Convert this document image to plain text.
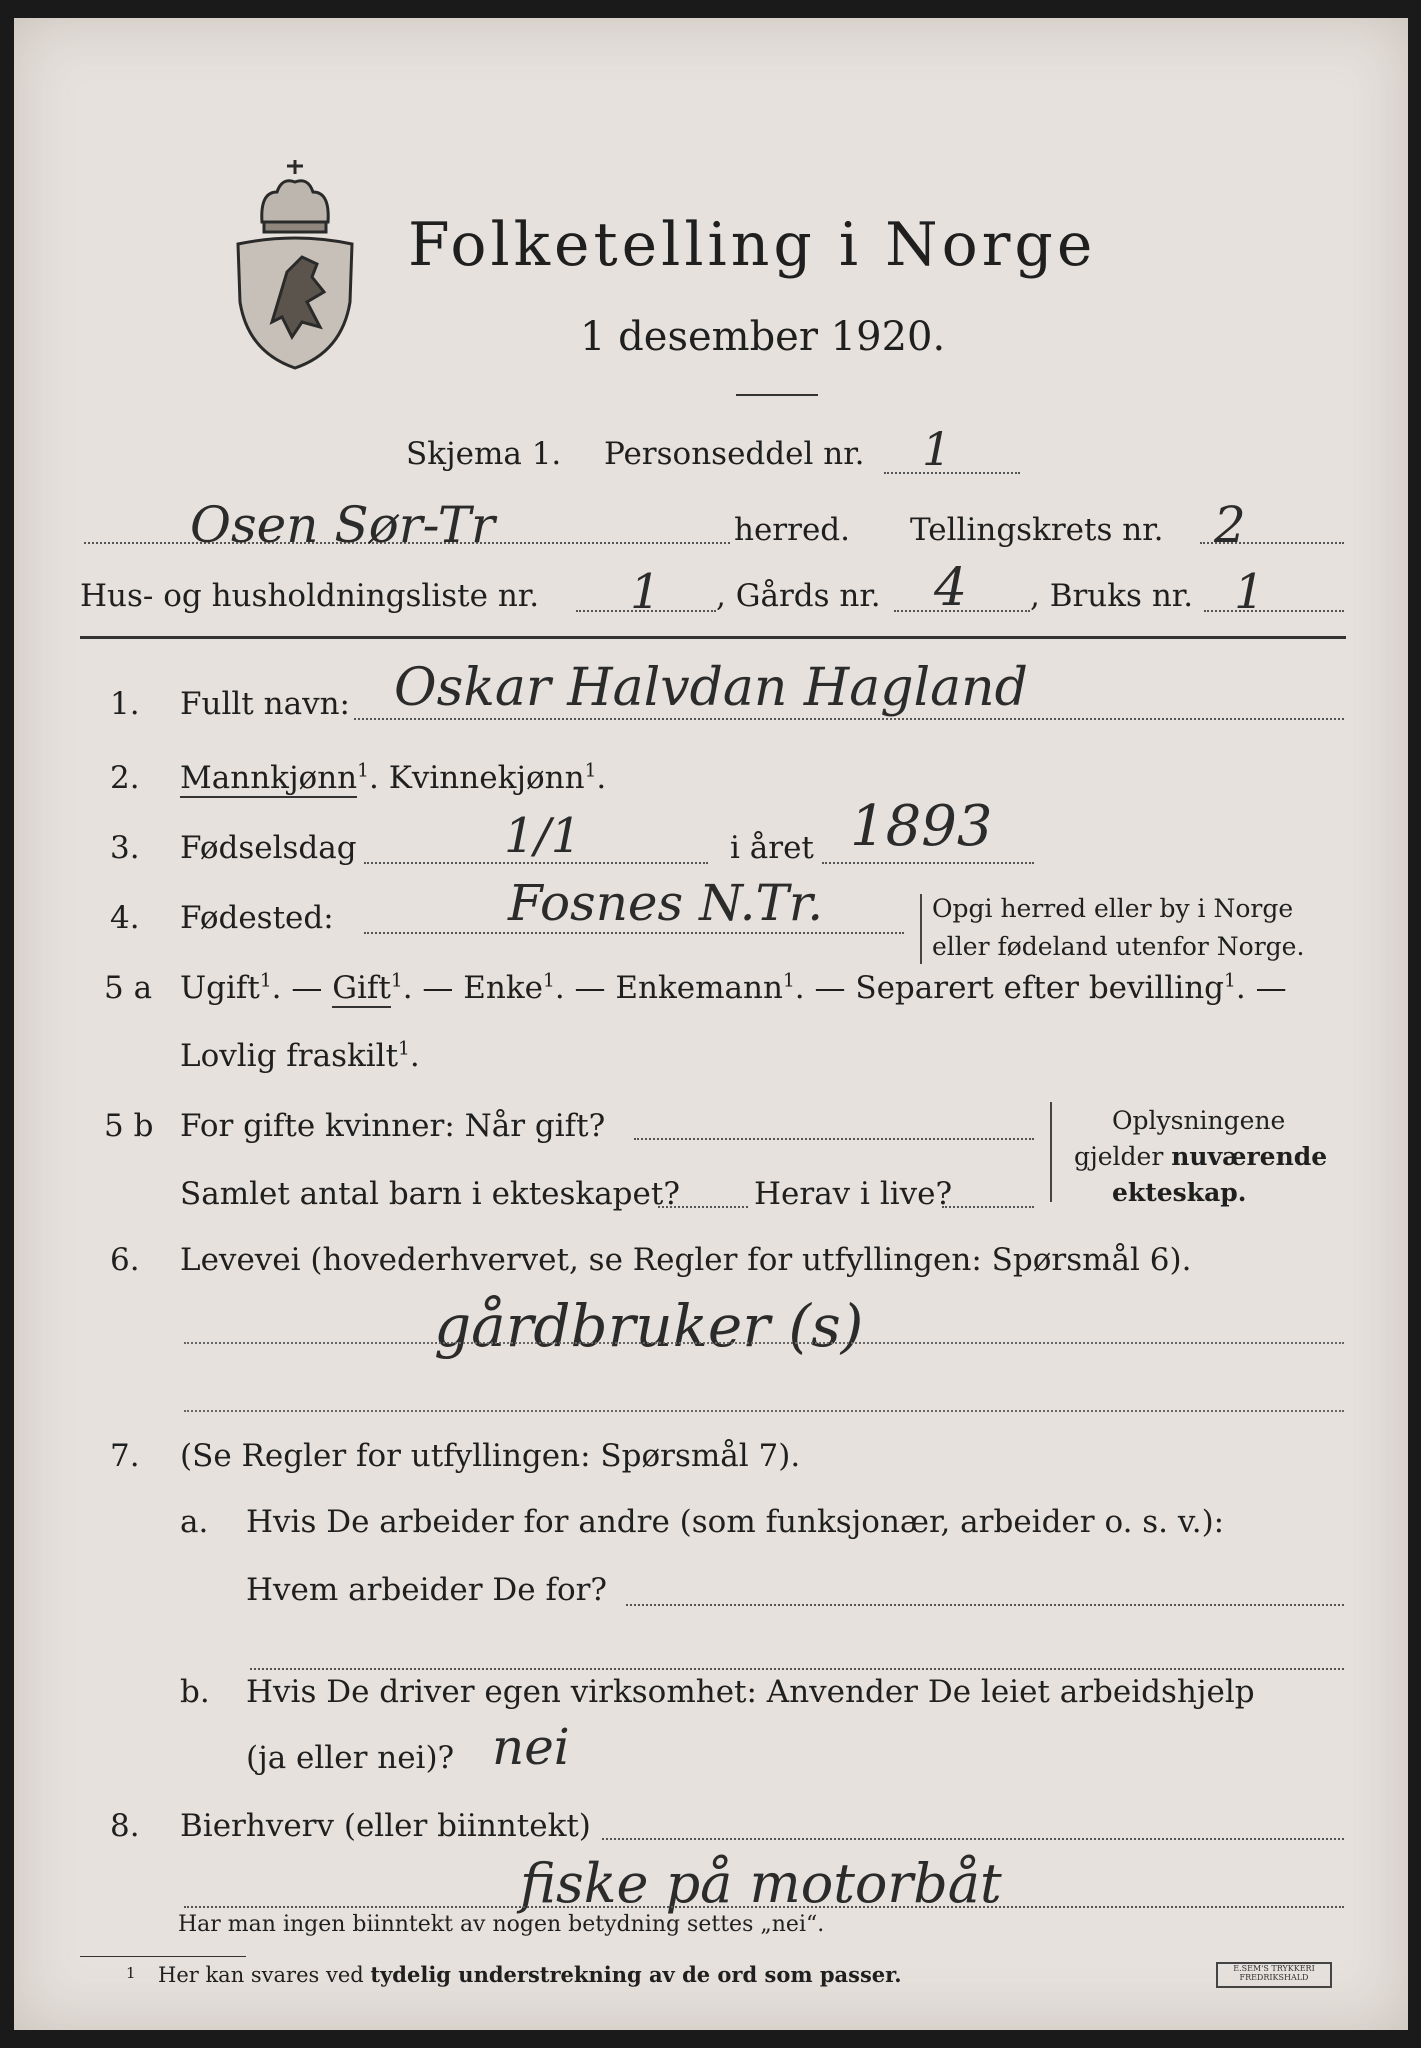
Folketelling i Norge
1 desember 1920.
Skjema 1. Personseddel nr. 1
Osen Sør-Tr	herred. Tellingskrets nr. 2
Hus- og husholdningsliste nr. 1 , Gårds nr. 4 , Bruks nr. 1
1. Fullt navn: Oskar Halvdan Hagland
2. Mannkjønn$^1$. Kvinnekjønn$^1$.
3. Fødselsdag	1/1	i året 1893
4. Fødested:	Fosnes N.Tr.	Opgi herred eller by i Norge
eller fødeland utenfor Norge.
5 a Ugift$^1$. — Gift$^1$. — Enke$^1$. — Enkemann$^1$. — Separert efter bevilling$^1$. —
Lovlig fraskilt$^1$.
5 b For gifte kvinner: Når gift?
Samlet antal barn i ekteskapet? Herav i live?
Oplysningene
gjelder nuværende
ekteskap.
6. Levevei (hovederhvervet, se Regler for utfyllingen: Spørsmål 6).
gårdbruker (s)
7. (Se Regler for utfyllingen: Spørsmål 7).
a. Hvis De arbeider for andre (som funksjonær, arbeider o. s. v.):
Hvem arbeider De for?
b. Hvis De driver egen virksomhet: Anvender De leiet arbeidshjelp
(ja eller nei)? nei
8. Bierhverv (eller biinntekt)
fiske på motorbåt
Har man ingen biinntekt av nogen betydning settes „nei“.
1 Her kan svares ved tydelig understrekning av de ord som passer.	E.SEM'S TRYKKERI
FREDRIKSHALD
